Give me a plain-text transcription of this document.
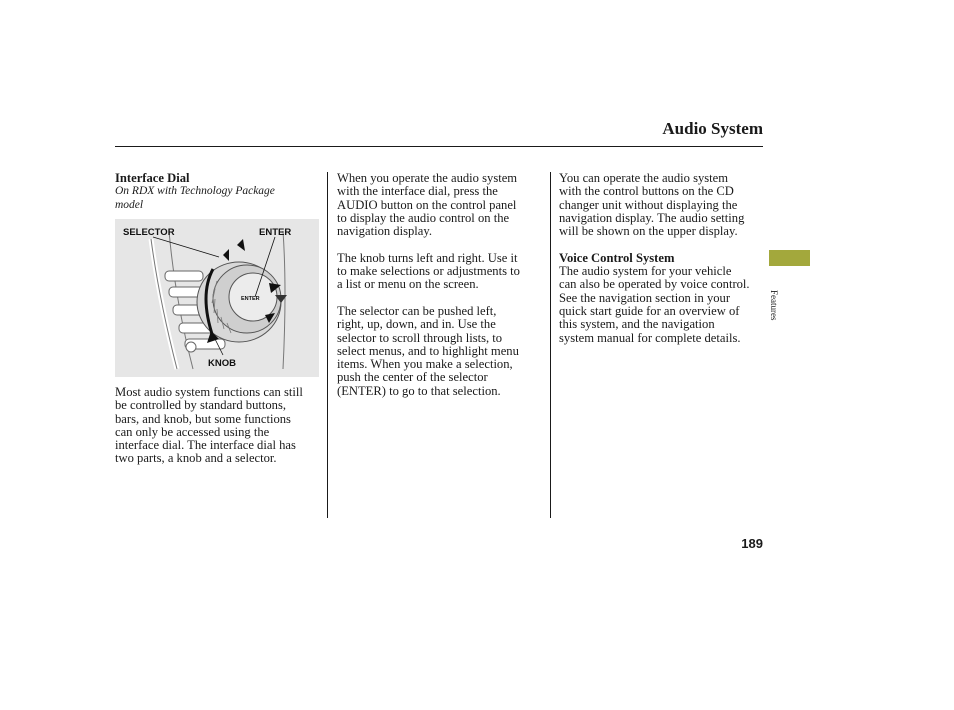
Audio System

Interface Dial

On RDX with Technology Package
model

ENTER
SELECTOR	ENTER
KNOB

Most audio system functions can still
be controlled by standard buttons,
bars, and knob, but some functions
can only be accessed using the
interface dial. The interface dial has
two parts, a knob and a selector.

When you operate the audio system
with the interface dial, press the
AUDIO button on the control panel
to display the audio control on the
navigation display.

The knob turns left and right. Use it
to make selections or adjustments to
a list or menu on the screen.

The selector can be pushed left,
right, up, down, and in. Use the
selector to scroll through lists, to
select menus, and to highlight menu
items. When you make a selection,
push the center of the selector
(ENTER) to go to that selection.

You can operate the audio system
with the control buttons on the CD
changer unit without displaying the
navigation display. The audio setting
will be shown on the upper display.

Voice Control System

The audio system for your vehicle
can also be operated by voice control.
See the navigation section in your
quick start guide for an overview of
this system, and the navigation
system manual for complete details.

Features
189
